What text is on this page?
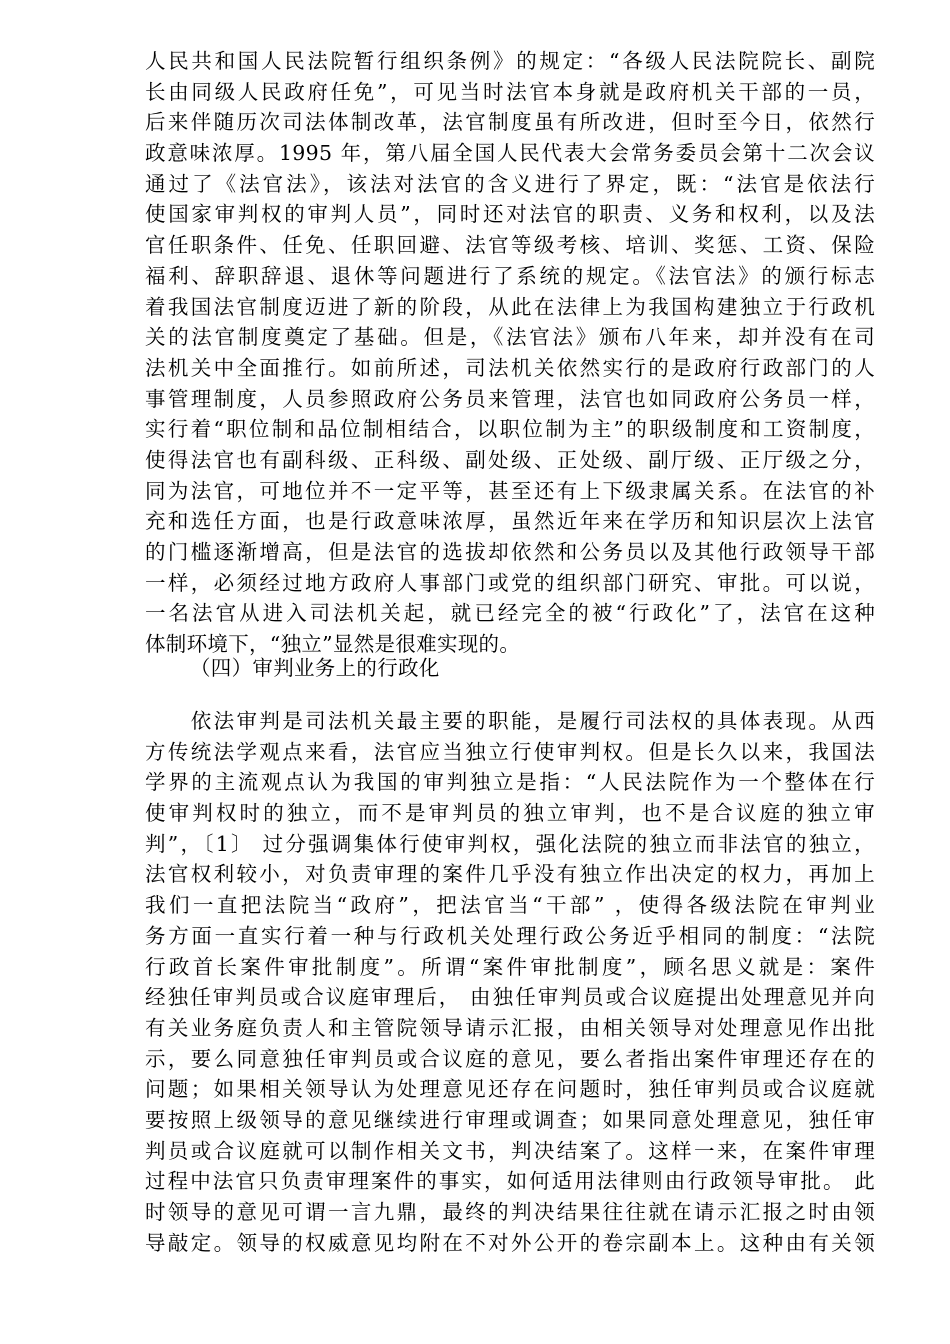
人民共和国人民法院暂行组织条例》的规定：“各级人民法院院长、副院
长由同级人民政府任免”，可见当时法官本身就是政府机关干部的一员，
后来伴随历次司法体制改革，法官制度虽有所改进，但时至今日，依然行
政意味浓厚。1995 年，第八届全国人民代表大会常务委员会第十二次会议
通过了《法官法》，该法对法官的含义进行了界定，既：“法官是依法行
使国家审判权的审判人员”，同时还对法官的职责、义务和权利，以及法
官任职条件、任免、任职回避、法官等级考核、培训、奖惩、工资、保险
福利、辞职辞退、退休等问题进行了系统的规定。《法官法》的颁行标志
着我国法官制度迈进了新的阶段，从此在法律上为我国构建独立于行政机
关的法官制度奠定了基础。但是，《法官法》颁布八年来，却并没有在司
法机关中全面推行。如前所述，司法机关依然实行的是政府行政部门的人
事管理制度，人员参照政府公务员来管理，法官也如同政府公务员一样，
实行着“职位制和品位制相结合，以职位制为主”的职级制度和工资制度，
使得法官也有副科级、正科级、副处级、正处级、副厅级、正厅级之分，
同为法官，可地位并不一定平等，甚至还有上下级隶属关系。在法官的补
充和选任方面，也是行政意味浓厚，虽然近年来在学历和知识层次上法官
的门槛逐渐增高，但是法官的选拔却依然和公务员以及其他行政领导干部
一样，必须经过地方政府人事部门或党的组织部门研究、审批。可以说，
一名法官从进入司法机关起，就已经完全的被“行政化”了，法官在这种
体制环境下，“独立”显然是很难实现的。
（四）审判业务上的行政化
　　依法审判是司法机关最主要的职能，是履行司法权的具体表现。从西
方传统法学观点来看，法官应当独立行使审判权。但是长久以来，我国法
学界的主流观点认为我国的审判独立是指：“人民法院作为一个整体在行
使审判权时的独立，而不是审判员的独立审判，也不是合议庭的独立审
判”，〔1〕 过分强调集体行使审判权，强化法院的独立而非法官的独立，
法官权利较小，对负责审理的案件几乎没有独立作出决定的权力，再加上
我们一直把法院当“政府”，把法官当“干部” ，使得各级法院在审判业
务方面一直实行着一种与行政机关处理行政公务近乎相同的制度：“法院
行政首长案件审批制度”。所谓“案件审批制度”，顾名思义就是：案件
经独任审判员或合议庭审理后， 由独任审判员或合议庭提出处理意见并向
有关业务庭负责人和主管院领导请示汇报，由相关领导对处理意见作出批
示，要么同意独任审判员或合议庭的意见，要么者指出案件审理还存在的
问题；如果相关领导认为处理意见还存在问题时，独任审判员或合议庭就
要按照上级领导的意见继续进行审理或调查；如果同意处理意见，独任审
判员或合议庭就可以制作相关文书，判决结案了。这样一来，在案件审理
过程中法官只负责审理案件的事实，如何适用法律则由行政领导审批。 此
时领导的意见可谓一言九鼎，最终的判决结果往往就在请示汇报之时由领
导敲定。领导的权威意见均附在不对外公开的卷宗副本上。这种由有关领
